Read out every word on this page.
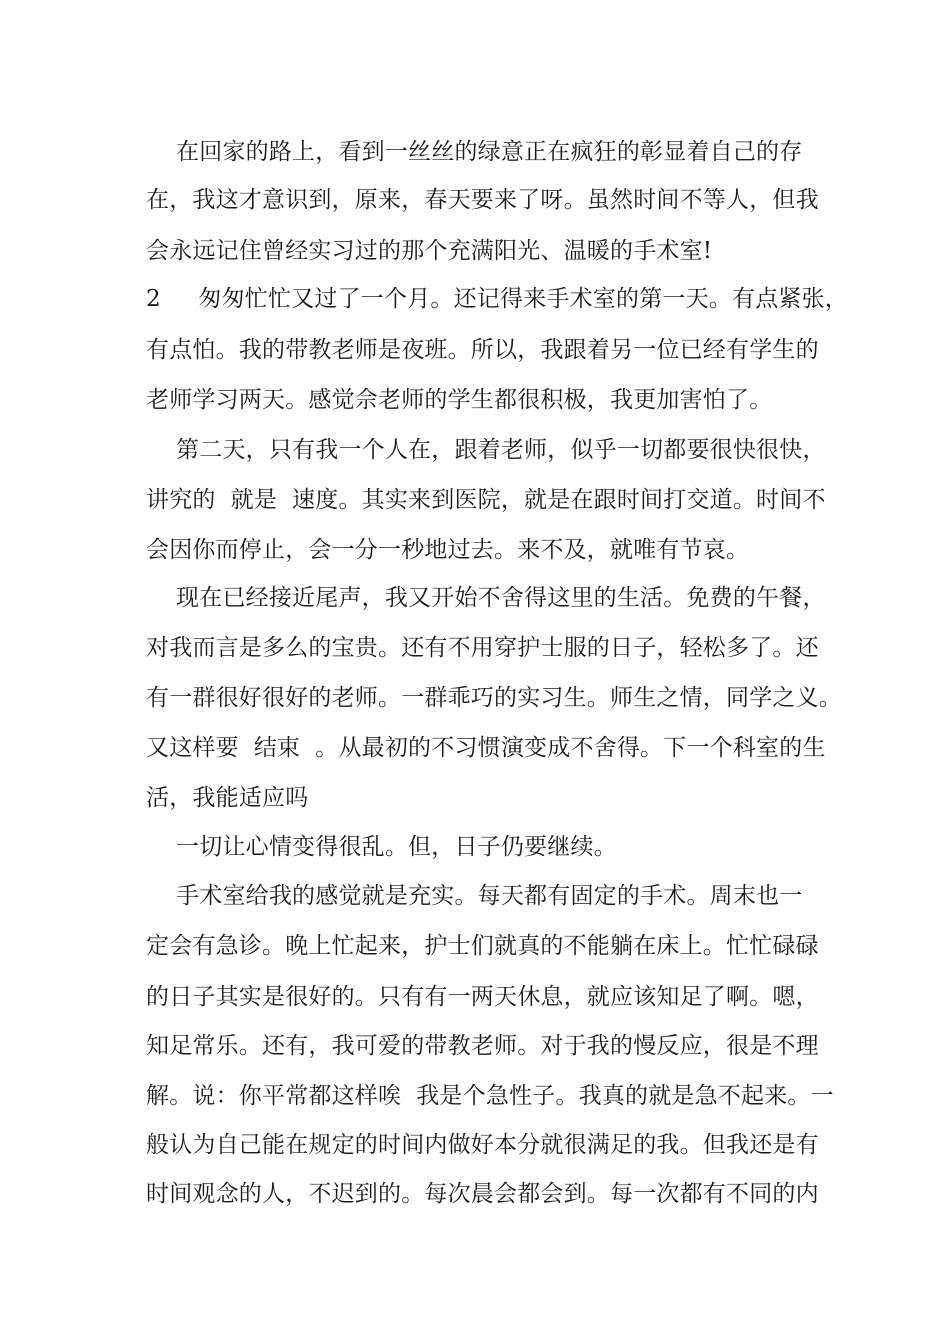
在回家的路上，看到一丝丝的绿意正在疯狂的彰显着自己的存
在，我这才意识到，原来，春天要来了呀。虽然时间不等人，但我
会永远记住曾经实习过的那个充满阳光、温暖的手术室!
2     匆匆忙忙又过了一个月。还记得来手术室的第一天。有点紧张，
有点怕。我的带教老师是夜班。所以，我跟着另一位已经有学生的
老师学习两天。感觉佘老师的学生都很积极，我更加害怕了。
第二天，只有我一个人在，跟着老师，似乎一切都要很快很快，
讲究的  就是  速度。其实来到医院，就是在跟时间打交道。时间不
会因你而停止，会一分一秒地过去。来不及，就唯有节哀。
现在已经接近尾声，我又开始不舍得这里的生活。免费的午餐，
对我而言是多么的宝贵。还有不用穿护士服的日子，轻松多了。还
有一群很好很好的老师。一群乖巧的实习生。师生之情，同学之义。
又这样要  结束  。从最初的不习惯演变成不舍得。下一个科室的生
活，我能适应吗
一切让心情变得很乱。但，日子仍要继续。
手术室给我的感觉就是充实。每天都有固定的手术。周末也一
定会有急诊。晚上忙起来，护士们就真的不能躺在床上。忙忙碌碌
的日子其实是很好的。只有有一两天休息，就应该知足了啊。嗯，
知足常乐。还有，我可爱的带教老师。对于我的慢反应，很是不理
解。说：你平常都这样唉  我是个急性子。我真的就是急不起来。一
般认为自己能在规定的时间内做好本分就很满足的我。但我还是有
时间观念的人，不迟到的。每次晨会都会到。每一次都有不同的内
